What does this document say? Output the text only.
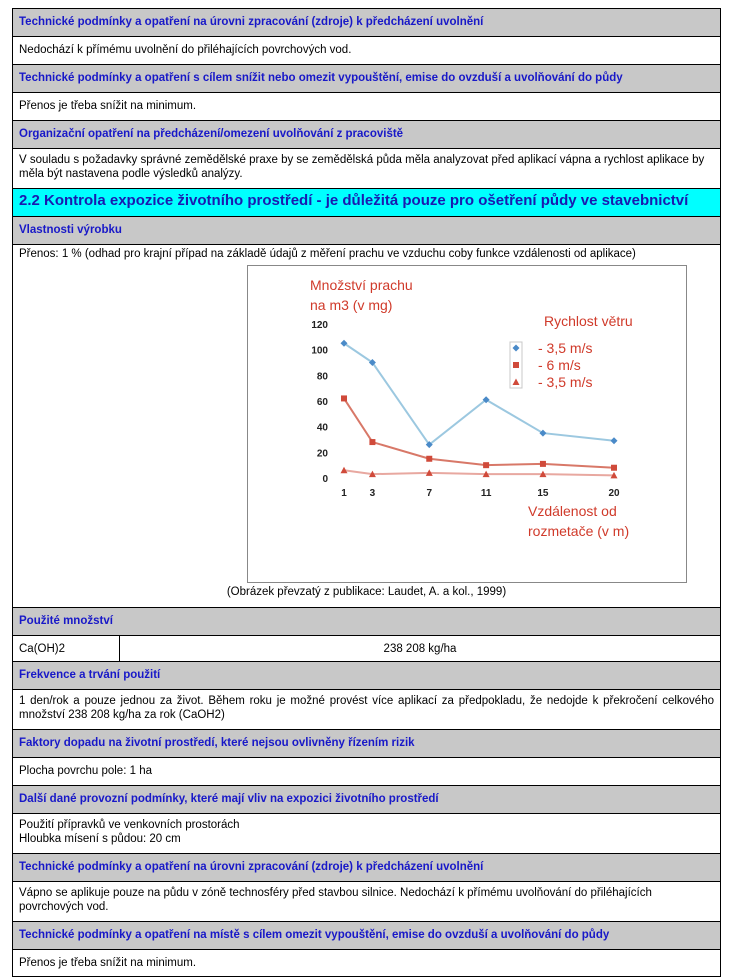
Technické podmínky a opatření na úrovni zpracování (zdroje) k předcházení uvolnění
Nedochází k přímému uvolnění do přiléhajících povrchových vod.
Technické podmínky a opatření s cílem snížit nebo omezit vypouštění, emise do ovzduší a uvolňování do půdy
Přenos je třeba snížit na minimum.
Organizační opatření na předcházení/omezení uvolňování z pracoviště
V souladu s požadavky správné zemědělské praxe by se zemědělská půda měla analyzovat před aplikací vápna a rychlost aplikace by měla být nastavena podle výsledků analýzy.
2.2 Kontrola expozice životního prostředí - je důležitá pouze pro ošetření půdy ve stavebnictví
Vlastnosti výrobku
Přenos: 1 % (odhad pro krajní případ na základě údajů z měření prachu ve vzduchu coby funkce vzdálenosti od aplikace)
Množství prachu
na m3 (v mg)
0
20
40
60
80
100
120
1 3	7	11	15	20
Vzdálenost od
rozmetače (v m)
Rychlost větru
- 3,5 m/s
- 6 m/s
- 3,5 m/s
(Obrázek převzatý z publikace: Laudet, A. a kol., 1999)
Použité množství
Ca(OH)2	238 208 kg/ha
Frekvence a trvání použití
1 den/rok a pouze jednou za život. Během roku je možné provést více aplikací za předpokladu, že nedojde k překročení celkového množství 238 208 kg/ha za rok (CaOH2)
Faktory dopadu na životní prostředí, které nejsou ovlivněny řízením rizik
Plocha povrchu pole: 1 ha
Další dané provozní podmínky, které mají vliv na expozici životního prostředí
Použití přípravků ve venkovních prostorách
Hloubka mísení s půdou: 20 cm
Technické podmínky a opatření na úrovni zpracování (zdroje) k předcházení uvolnění
Vápno se aplikuje pouze na půdu v zóně technosféry před stavbou silnice. Nedochází k přímému uvolňování do přiléhajících povrchových vod.
Technické podmínky a opatření na místě s cílem omezit vypouštění, emise do ovzduší a uvolňování do půdy
Přenos je třeba snížit na minimum.
